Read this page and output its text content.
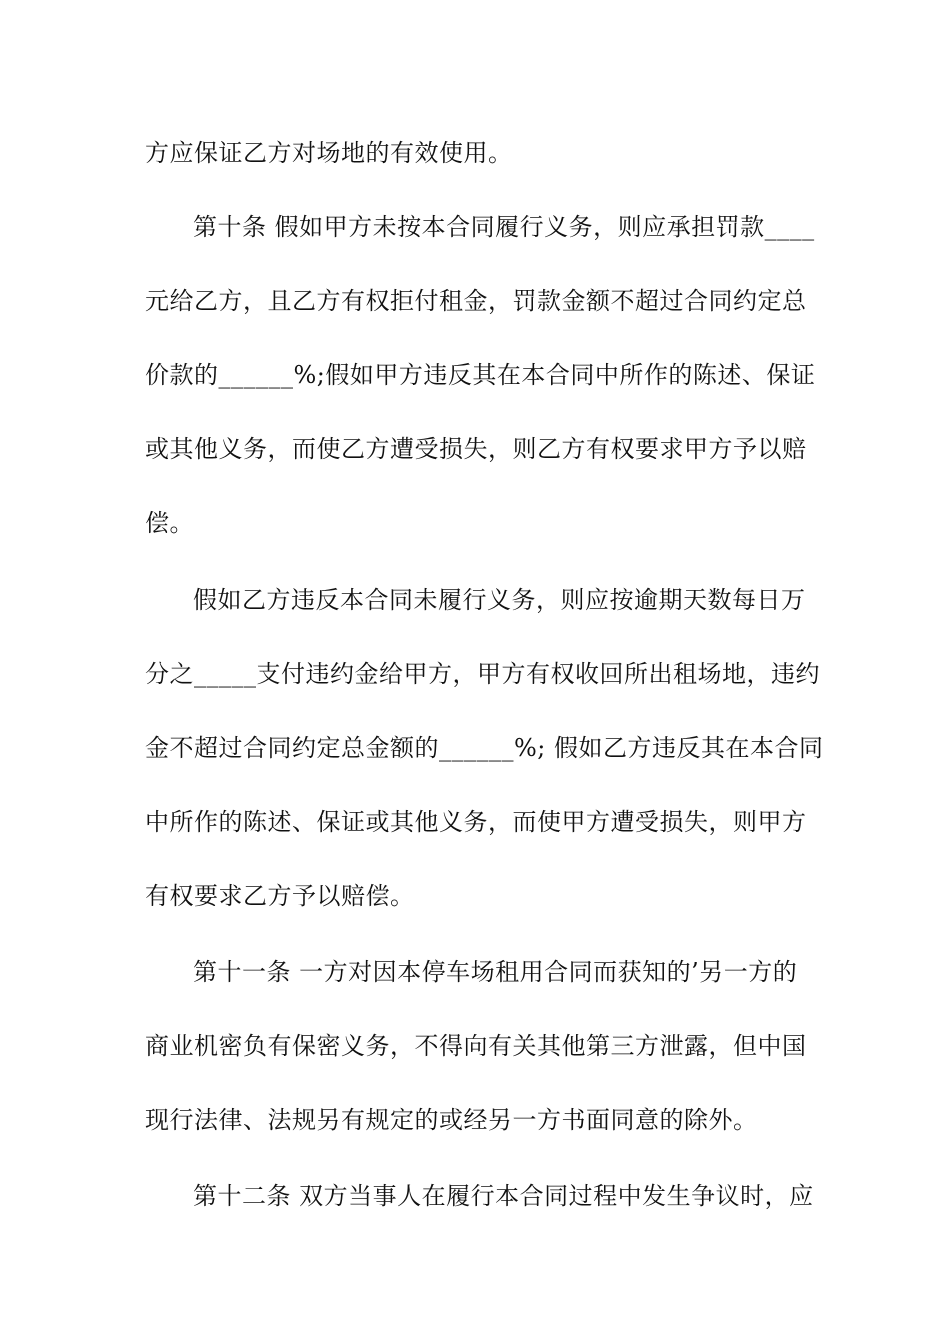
方应保证乙方对场地的有效使用。
第十条 假如甲方未按本合同履行义务，则应承担罚款____
元给乙方，且乙方有权拒付租金，罚款金额不超过合同约定总
价款的______%;假如甲方违反其在本合同中所作的陈述、保证
或其他义务，而使乙方遭受损失，则乙方有权要求甲方予以赔
偿。
假如乙方违反本合同未履行义务，则应按逾期天数每日万
分之_____支付违约金给甲方，甲方有权收回所出租场地，违约
金不超过合同约定总金额的______%; 假如乙方违反其在本合同
中所作的陈述、保证或其他义务，而使甲方遭受损失，则甲方
有权要求乙方予以赔偿。
第十一条 一方对因本停车场租用合同而获知的’另一方的
商业机密负有保密义务，不得向有关其他第三方泄露，但中国
现行法律、法规另有规定的或经另一方书面同意的除外。
第十二条 双方当事人在履行本合同过程中发生争议时，应
